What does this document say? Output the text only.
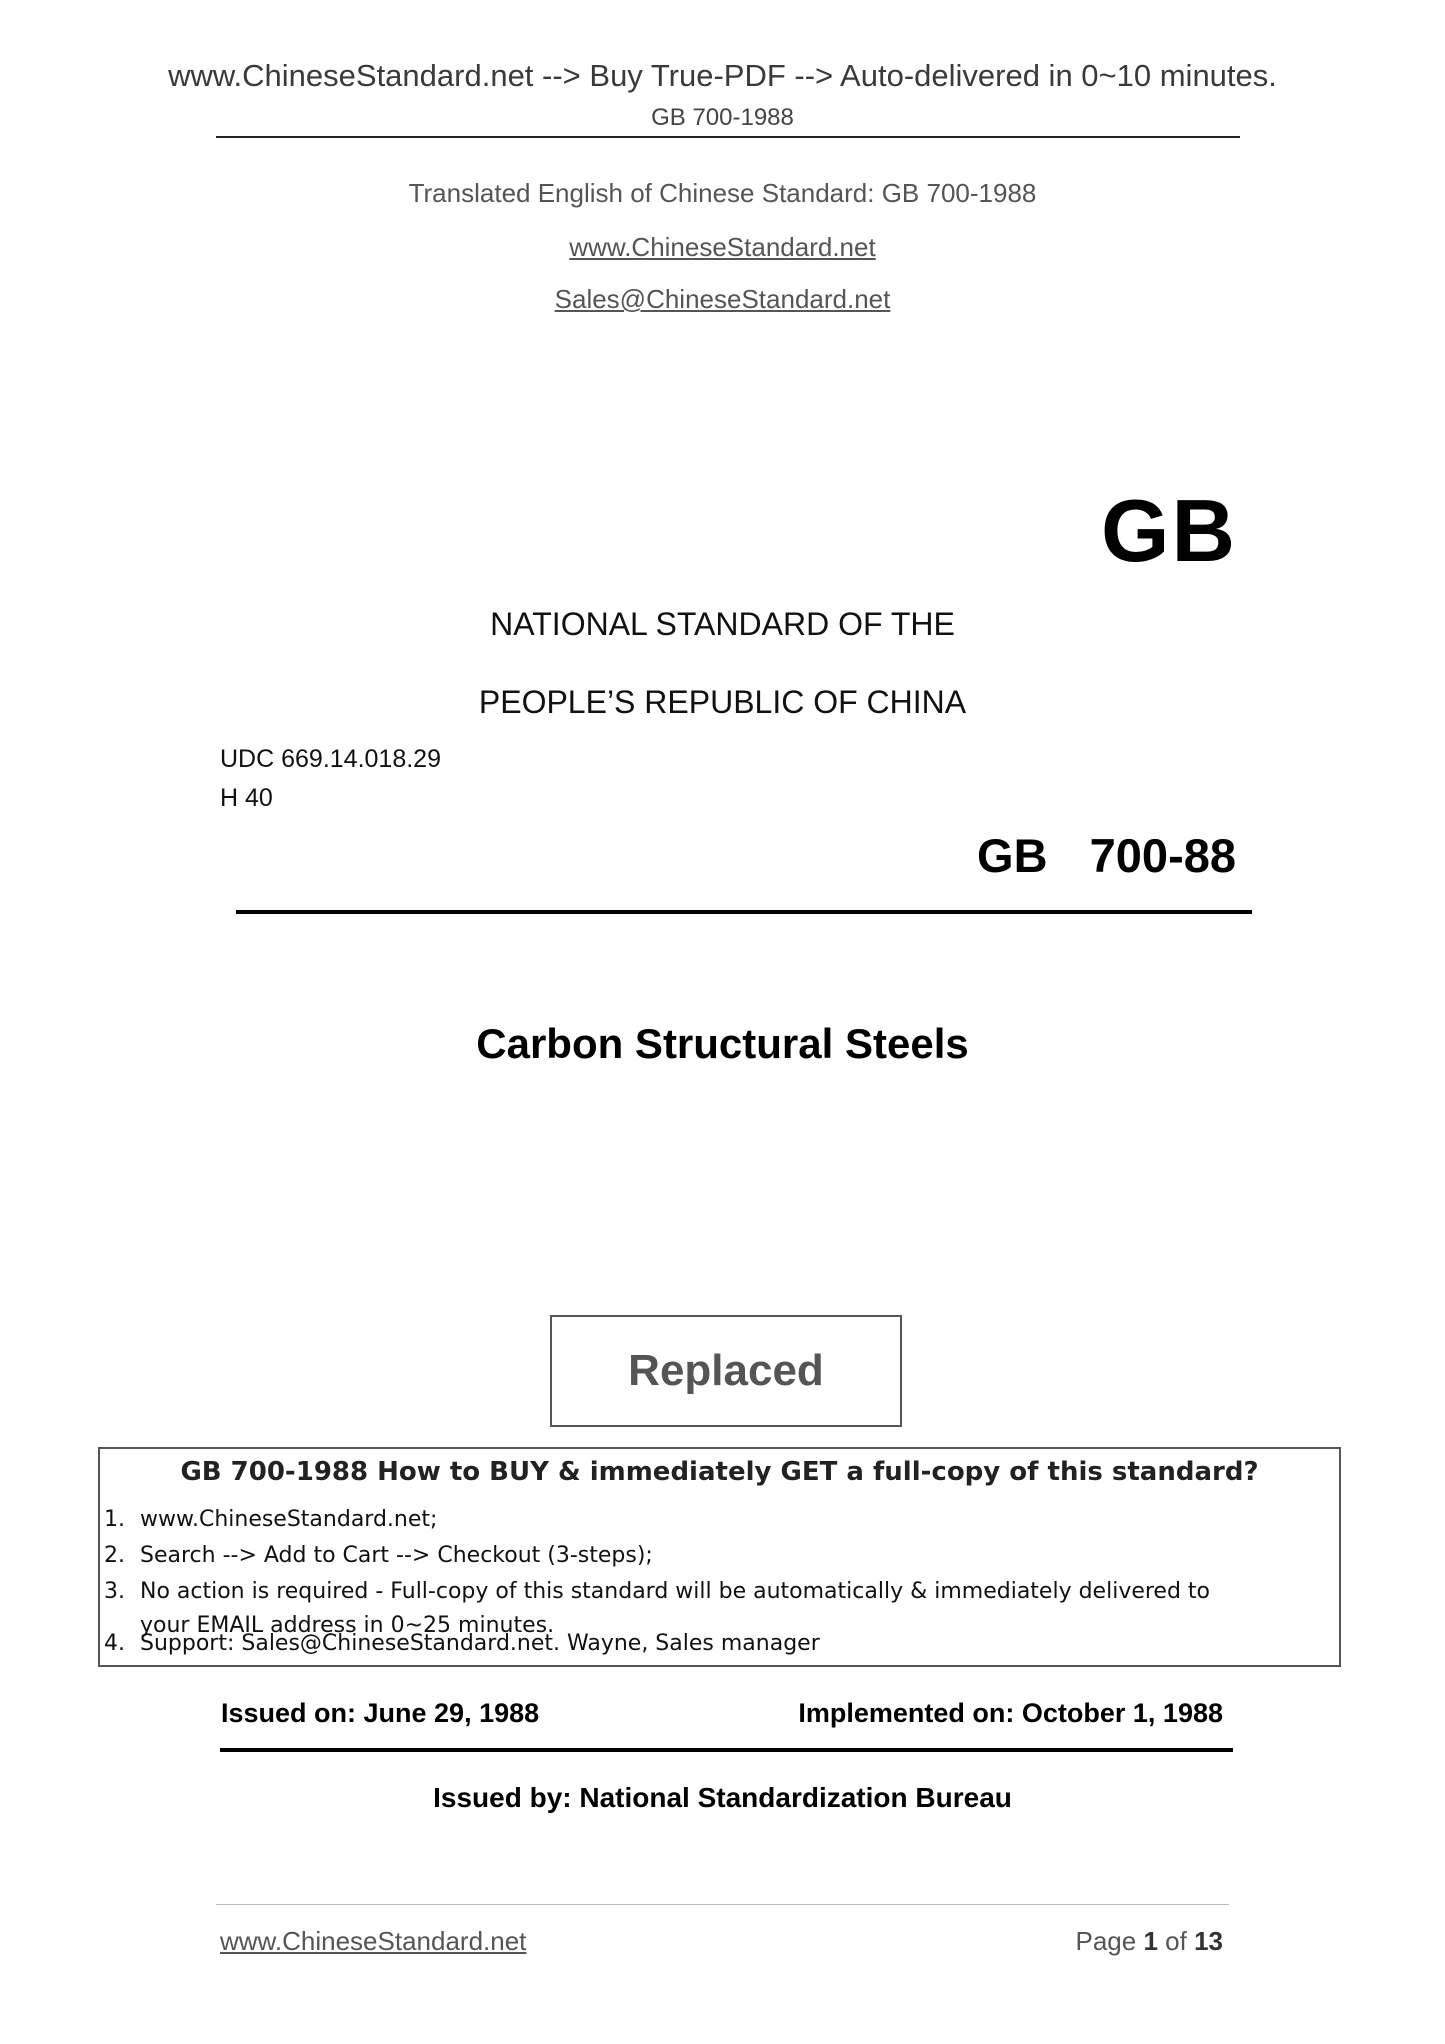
www.ChineseStandard.net --> Buy True-PDF --> Auto-delivered in 0~10 minutes.
GB 700-1988
Translated English of Chinese Standard: GB 700-1988
www.ChineseStandard.net
Sales@ChineseStandard.net
GB
NATIONAL STANDARD OF THE
PEOPLE’S REPUBLIC OF CHINA
UDC 669.14.018.29
H 40
GB  700-88
Carbon Structural Steels
Replaced
GB 700-1988 How to BUY & immediately GET a full-copy of this standard?
1. www.ChineseStandard.net;
2. Search --> Add to Cart --> Checkout (3-steps);
3. No action is required - Full-copy of this standard will be automatically & immediately delivered to
your EMAIL address in 0~25 minutes.
4. Support: Sales@ChineseStandard.net. Wayne, Sales manager
Issued on: June 29, 1988	Implemented on: October 1, 1988
Issued by: National Standardization Bureau
www.ChineseStandard.net	Page 1 of 13
